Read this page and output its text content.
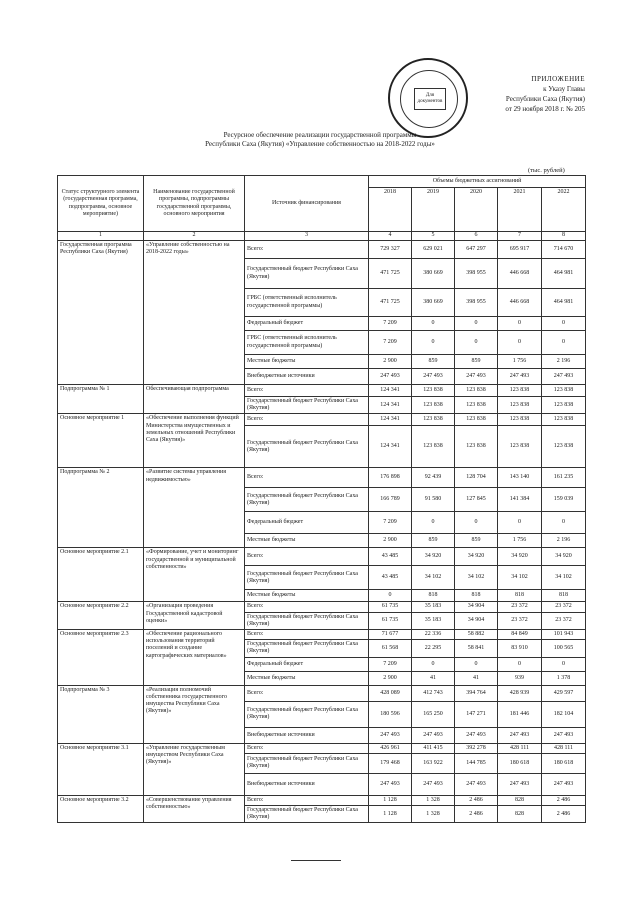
Для документов
ПРИЛОЖЕНИЕ
к Указу Главы
Республики Саха (Якутия)
от 29 ноября 2018 г. № 205
Ресурсное обеспечение реализации государственной программы
Республики Саха (Якутия) «Управление собственностью на 2018-2022 годы»
(тыс. рублей)
Статус структурного элемента (государственная программа, подпрограмма, основное мероприятие)	Наименование государственной программы, подпрограммы государственной программы, основного мероприятия	Источник финансирования	Объемы бюджетных ассигнований				
			2018	2019	2020	2021	2022
1	2	3	4	5	6	7	8
Государственная программа Республики Саха (Якутия)	«Управление собственностью на 2018-2022 годы»	Всего:	729 327	629 021	647 297	695 917	714 670
		Государственный бюджет Республики Саха (Якутия)	471 725	380 669	398 955	446 668	464 981
		ГРБС (ответственный исполнитель государственной программы)	471 725	380 669	398 955	446 668	464 981
		Федеральный бюджет	7 209	0	0	0	0
		ГРБС (ответственный исполнитель государственной программы)	7 209	0	0	0	0
		Местные бюджеты	2 900	859	859	1 756	2 196
		Внебюджетные источники	247 493	247 493	247 493	247 493	247 493
Подпрограмма № 1	Обеспечивающая подпрограмма	Всего:	124 341	123 838	123 838	123 838	123 838
		Государственный бюджет Республики Саха (Якутия)	124 341	123 838	123 838	123 838	123 838
Основное мероприятие 1	«Обеспечение выполнения функций Министерства имущественных и земельных отношений Республики Саха (Якутия)»	Всего:	124 341	123 838	123 838	123 838	123 838
		Государственный бюджет Республики Саха (Якутия)	124 341	123 838	123 838	123 838	123 838
Подпрограмма № 2	«Развитие системы управления недвижимостью»	Всего:	176 898	92 439	128 704	143 140	161 235
		Государственный бюджет Республики Саха (Якутия)	166 789	91 580	127 845	141 384	159 039
		Федеральный бюджет	7 209	0	0	0	0
		Местные бюджеты	2 900	859	859	1 756	2 196
Основное мероприятие 2.1	«Формирование, учет и мониторинг государственной и муниципальной собственности»	Всего:	43 485	34 920	34 920	34 920	34 920
		Государственный бюджет Республики Саха (Якутия)	43 485	34 102	34 102	34 102	34 102
		Местные бюджеты	0	818	818	818	818
Основное мероприятие 2.2	«Организация проведения Государственной кадастровой оценки»	Всего:	61 735	35 183	34 904	23 372	23 372
		Государственный бюджет Республики Саха (Якутия)	61 735	35 183	34 904	23 372	23 372
Основное мероприятие 2.3	«Обеспечение рационального использования территорий поселений и создание картографических материалов»	Всего:	71 677	22 336	58 882	84 849	101 943
		Государственный бюджет Республики Саха (Якутия)	61 568	22 295	58 841	83 910	100 565
		Федеральный бюджет	7 209	0	0	0	0
		Местные бюджеты	2 900	41	41	939	1 378
Подпрограмма № 3	«Реализация полномочий собственника государственного имущества Республики Саха (Якутия)»	Всего:	428 089	412 743	394 764	428 939	429 597
		Государственный бюджет Республики Саха (Якутия)	180 596	165 250	147 271	181 446	182 104
		Внебюджетные источники	247 493	247 493	247 493	247 493	247 493
Основное мероприятие 3.1	«Управление государственным имуществом Республики Саха (Якутия)»	Всего:	426 961	411 415	392 278	428 111	428 111
		Государственный бюджет Республики Саха (Якутия)	179 468	163 922	144 785	180 618	180 618
		Внебюджетные источники	247 493	247 493	247 493	247 493	247 493
Основное мероприятие 3.2	«Совершенствование управления собственностью»	Всего:	1 128	1 328	2 486	828	2 486
		Государственный бюджет Республики Саха (Якутия)	1 128	1 328	2 486	828	2 486
